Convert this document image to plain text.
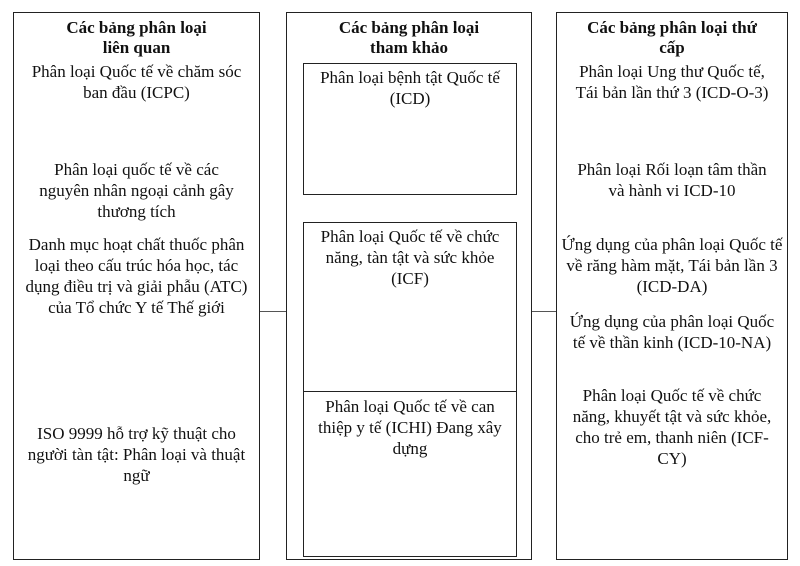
Các bảng phân loại
liên quan
Phân loại Quốc tế về chăm sóc ban đầu (ICPC)
Phân loại quốc tế về các nguyên nhân ngoại cảnh gây thương tích
Danh mục hoạt chất thuốc phân loại theo cấu trúc hóa học, tác dụng điều trị và giải phẫu (ATC) của Tổ chức Y tế Thế giới
ISO 9999 hỗ trợ kỹ thuật cho người tàn tật: Phân loại và thuật ngữ
Các bảng phân loại
tham khảo
Phân loại bệnh tật Quốc tế (ICD)
Phân loại Quốc tế về chức năng, tàn tật và sức khỏe (ICF)
Phân loại Quốc tế về can thiệp y tế (ICHI) Đang xây dựng
Các bảng phân loại thứ
cấp
Phân loại Ung thư Quốc tế, Tái bản lần thứ 3 (ICD-O-3)
Phân loại Rối loạn tâm thần và hành vi ICD-10
Ứng dụng của phân loại Quốc tế về răng hàm mặt, Tái bản lần 3 (ICD-DA)
Ứng dụng của phân loại Quốc tế về thần kinh (ICD-10-NA)
Phân loại Quốc tế về chức năng, khuyết tật và sức khỏe, cho trẻ em, thanh niên (ICF-CY)
